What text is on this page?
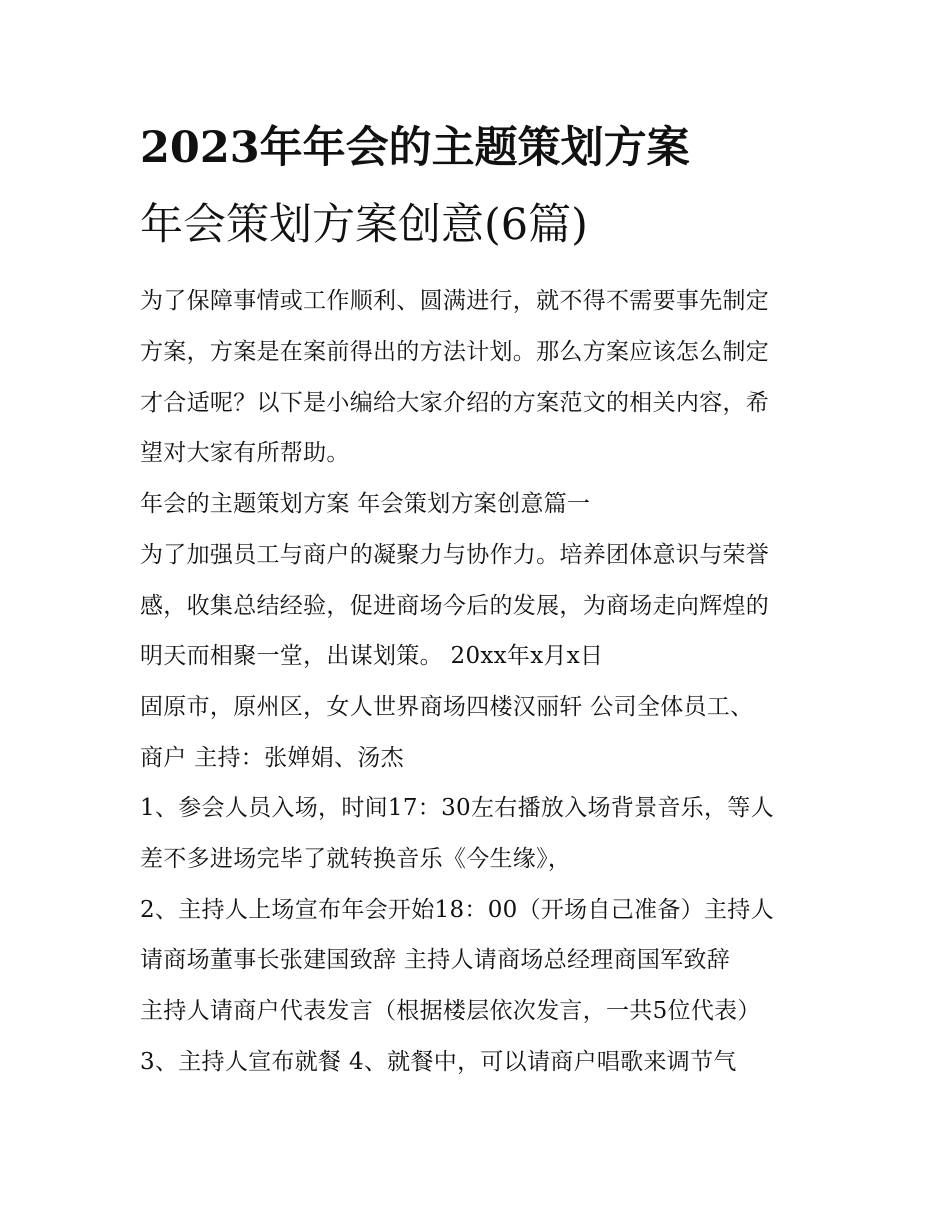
2023年年会的主题策划方案
年会策划方案创意(6篇)
为了保障事情或工作顺利、圆满进行，就不得不需要事先制定
方案，方案是在案前得出的方法计划。那么方案应该怎么制定
才合适呢？以下是小编给大家介绍的方案范文的相关内容，希
望对大家有所帮助。
年会的主题策划方案 年会策划方案创意篇一
为了加强员工与商户的凝聚力与协作力。培养团体意识与荣誉
感，收集总结经验，促进商场今后的发展，为商场走向辉煌的
明天而相聚一堂，出谋划策。 20xx年x月x日
固原市，原州区，女人世界商场四楼汉丽轩 公司全体员工、
商户 主持：张婵娟、汤杰
1、参会人员入场，时间17：30左右播放入场背景音乐，等人
差不多进场完毕了就转换音乐《今生缘》，
2、主持人上场宣布年会开始18：00（开场自己准备）主持人
请商场董事长张建国致辞 主持人请商场总经理商国军致辞
主持人请商户代表发言（根据楼层依次发言，一共5位代表）
3、主持人宣布就餐 4、就餐中，可以请商户唱歌来调节气
